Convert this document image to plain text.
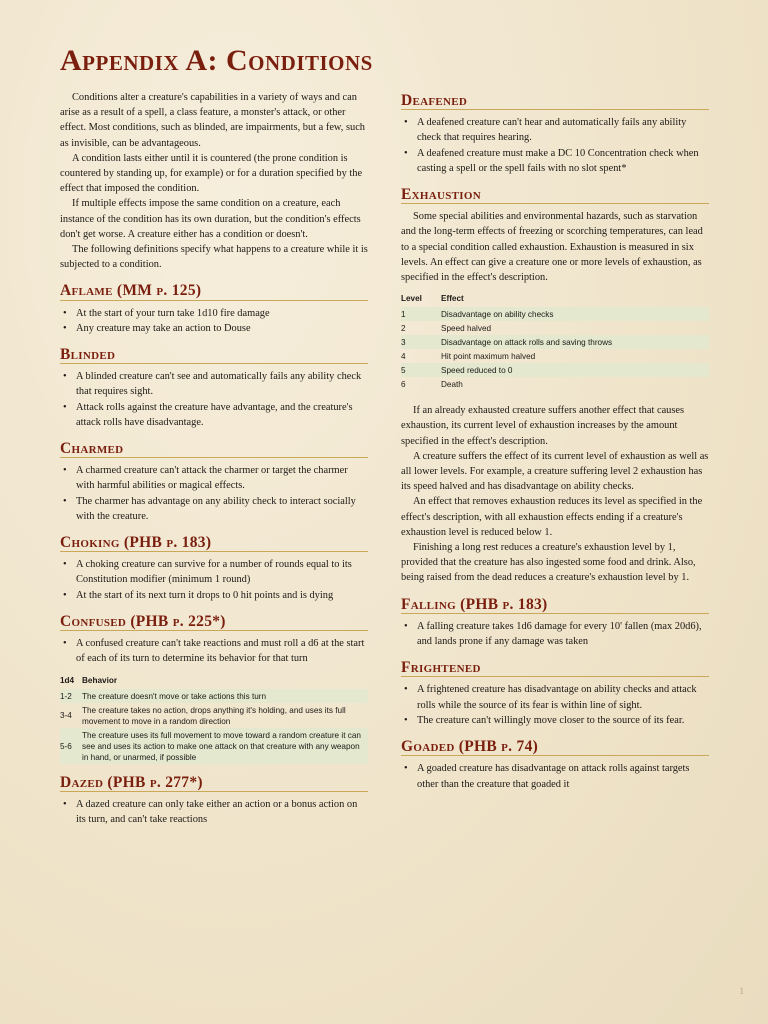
Appendix A: Conditions

Conditions alter a creature's capabilities in a variety of ways and can arise as a result of a spell, a class feature, a monster's attack, or other effect. Most conditions, such as blinded, are impairments, but a few, such as invisible, can be advantageous.

A condition lasts either until it is countered (the prone condition is countered by standing up, for example) or for a duration specified by the effect that imposed the condition.

If multiple effects impose the same condition on a creature, each instance of the condition has its own duration, but the condition's effects don't get worse. A creature either has a condition or doesn't.

The following definitions specify what happens to a creature while it is subjected to a condition.

Aflame (MM p. 125)
• At the start of your turn take 1d10 fire damage
• Any creature may take an action to Douse
Blinded
• A blinded creature can't see and automatically fails any ability check that requires sight.
• Attack rolls against the creature have advantage, and the creature's attack rolls have disadvantage.
Charmed
• A charmed creature can't attack the charmer or target the charmer with harmful abilities or magical effects.
• The charmer has advantage on any ability check to interact socially with the creature.
Choking (PHB p. 183)
• A choking creature can survive for a number of rounds equal to its Constitution modifier (minimum 1 round)
• At the start of its next turn it drops to 0 hit points and is dying
Confused (PHB p. 225*)
• A confused creature can't take reactions and must roll a d6 at the start of each of its turn to determine its behavior for that turn
1d4	Behavior
1-2	The creature doesn't move or take actions this turn
3-4	The creature takes no action, drops anything it's holding, and uses its full movement to move in a random direction
5-6	The creature uses its full movement to move toward a random creature it can see and uses its action to make one attack on that creature with any weapon in hand, or unarmed, if possible
Dazed (PHB p. 277*)
• A dazed creature can only take either an action or a bonus action on its turn, and can't take reactions
Deafened
• A deafened creature can't hear and automatically fails any ability check that requires hearing.
• A deafened creature must make a DC 10 Concentration check when casting a spell or the spell fails with no slot spent*
Exhaustion

Some special abilities and environmental hazards, such as starvation and the long-term effects of freezing or scorching temperatures, can lead to a special condition called exhaustion. Exhaustion is measured in six levels. An effect can give a creature one or more levels of exhaustion, as specified in the effect's description.

Level	Effect
1	Disadvantage on ability checks
2	Speed halved
3	Disadvantage on attack rolls and saving throws
4	Hit point maximum halved
5	Speed reduced to 0
6	Death

If an already exhausted creature suffers another effect that causes exhaustion, its current level of exhaustion increases by the amount specified in the effect's description.

A creature suffers the effect of its current level of exhaustion as well as all lower levels. For example, a creature suffering level 2 exhaustion has its speed halved and has disadvantage on ability checks.

An effect that removes exhaustion reduces its level as specified in the effect's description, with all exhaustion effects ending if a creature's exhaustion level is reduced below 1.

Finishing a long rest reduces a creature's exhaustion level by 1, provided that the creature has also ingested some food and drink. Also, being raised from the dead reduces a creature's exhaustion level by 1.

Falling (PHB p. 183)
• A falling creature takes 1d6 damage for every 10' fallen (max 20d6), and lands prone if any damage was taken
Frightened
• A frightened creature has disadvantage on ability checks and attack rolls while the source of its fear is within line of sight.
• The creature can't willingly move closer to the source of its fear.
Goaded (PHB p. 74)
• A goaded creature has disadvantage on attack rolls against targets other than the creature that goaded it
1
